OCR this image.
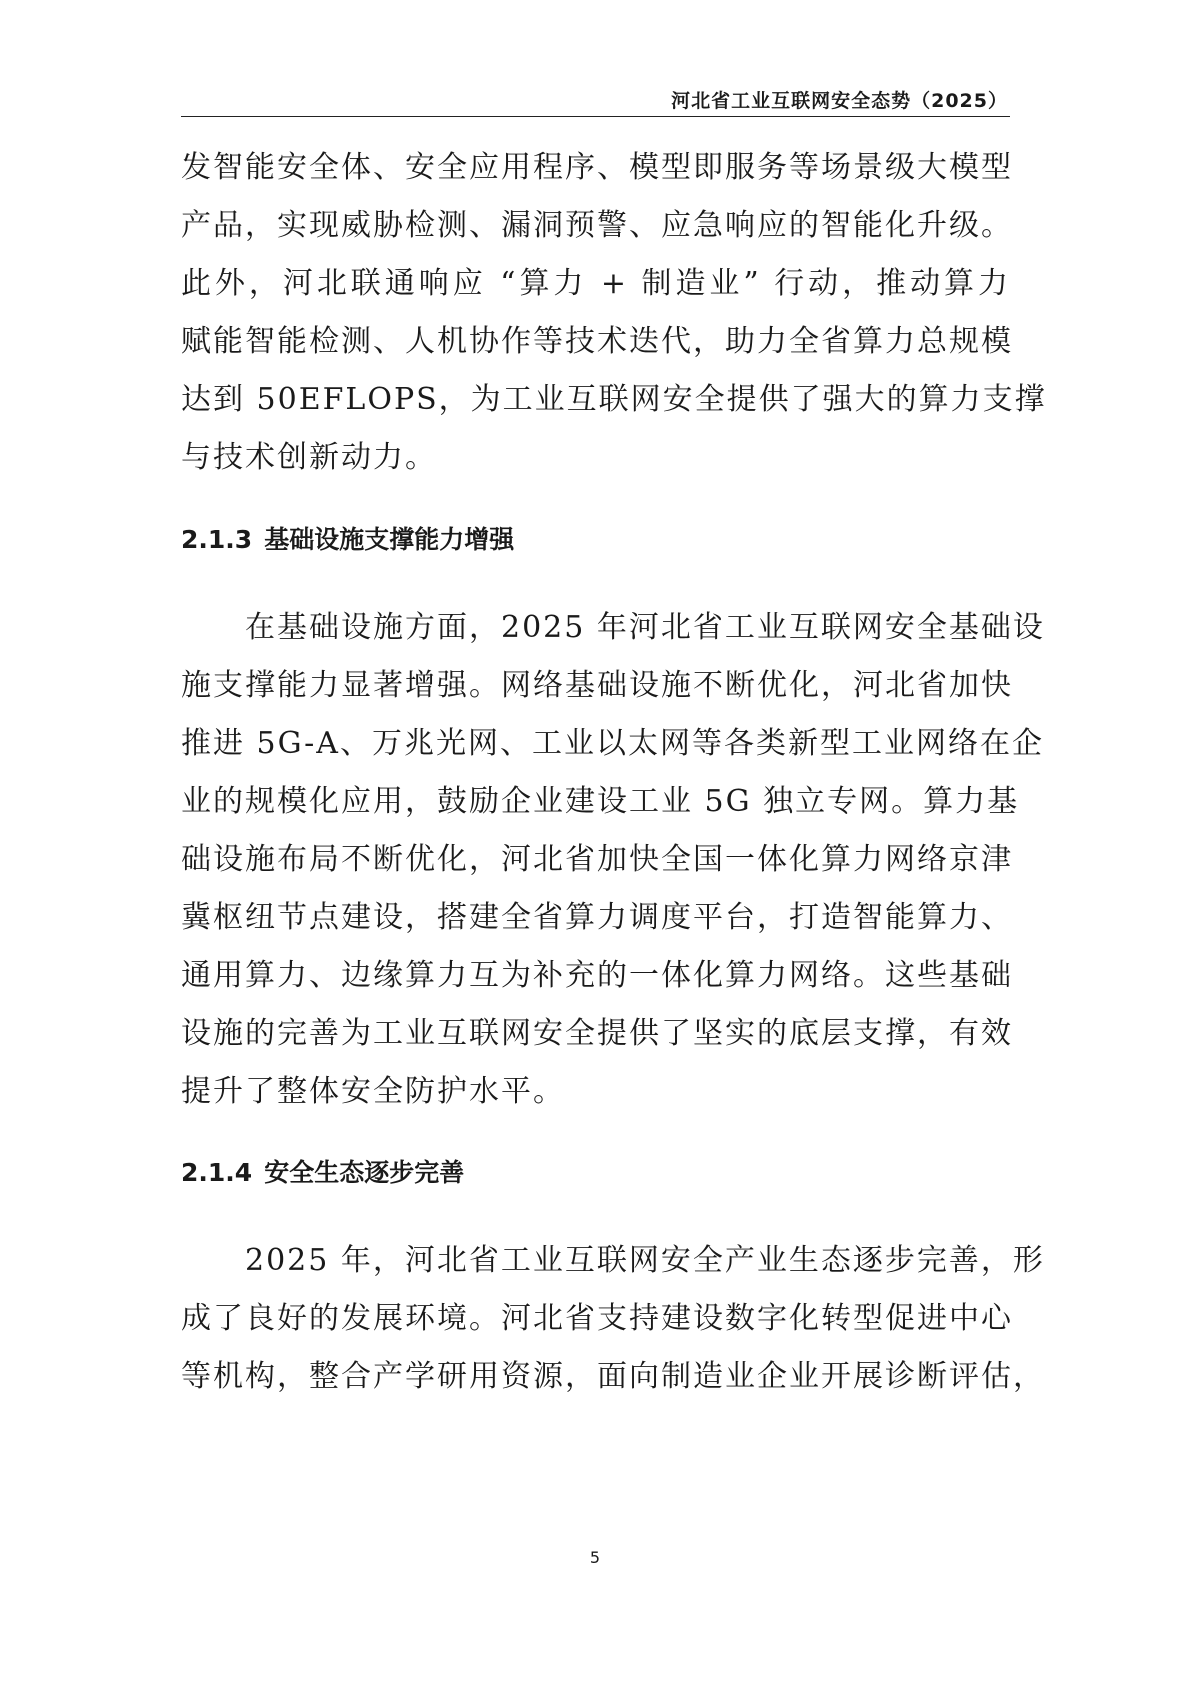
河北省工业互联网安全态势（2025）
发智能安全体、安全应用程序、模型即服务等场景级大模型
产品，实现威胁检测、漏洞预警、应急响应的智能化升级。
此外，河北联通响应 “算力 + 制造业” 行动，推动算力
赋能智能检测、人机协作等技术迭代，助力全省算力总规模
达到 50EFLOPS，为工业互联网安全提供了强大的算力支撑
与技术创新动力。
2.1.3 基础设施支撑能力增强
在基础设施方面，2025 年河北省工业互联网安全基础设
施支撑能力显著增强。网络基础设施不断优化，河北省加快
推进 5G-A、万兆光网、工业以太网等各类新型工业网络在企
业的规模化应用，鼓励企业建设工业 5G 独立专网。算力基
础设施布局不断优化，河北省加快全国一体化算力网络京津
冀枢纽节点建设，搭建全省算力调度平台，打造智能算力、
通用算力、边缘算力互为补充的一体化算力网络。这些基础
设施的完善为工业互联网安全提供了坚实的底层支撑，有效
提升了整体安全防护水平。
2.1.4 安全生态逐步完善
2025 年，河北省工业互联网安全产业生态逐步完善，形
成了良好的发展环境。河北省支持建设数字化转型促进中心
等机构，整合产学研用资源，面向制造业企业开展诊断评估，
5
